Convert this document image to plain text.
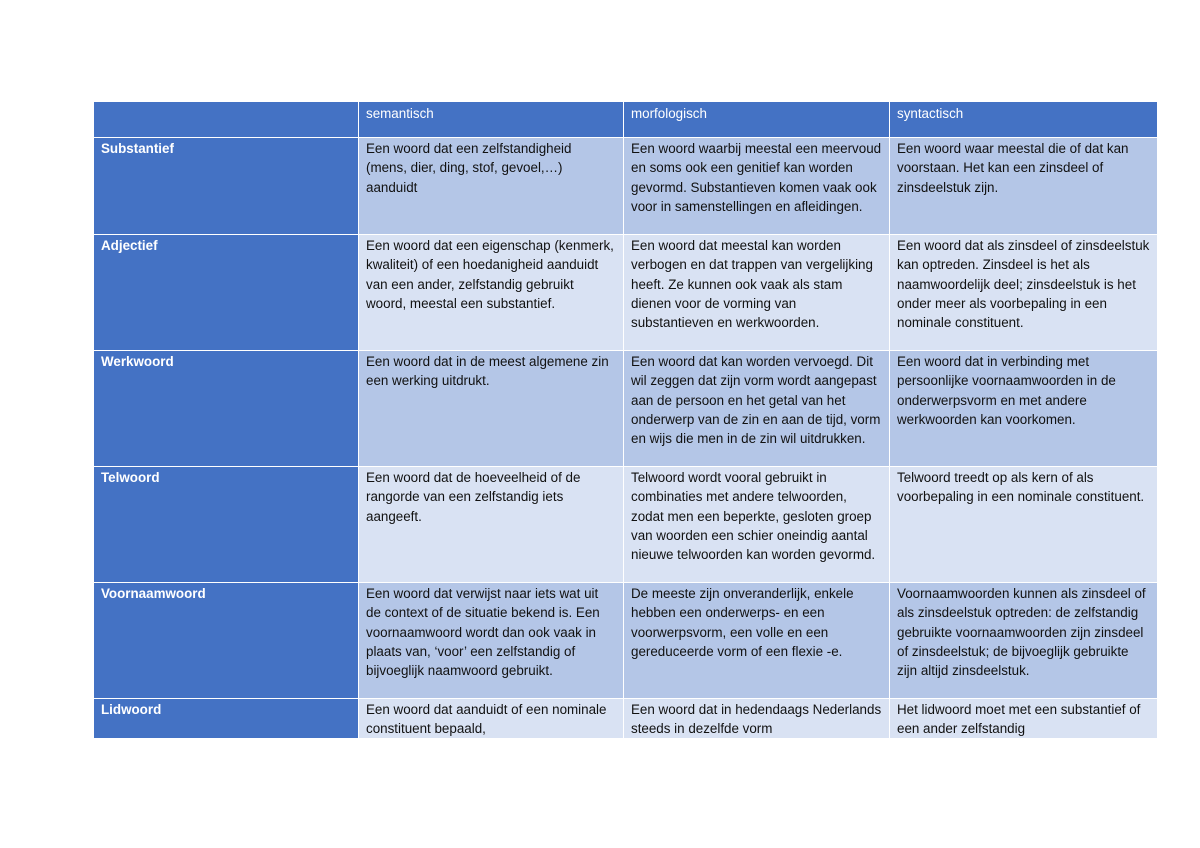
	semantisch	morfologisch	syntactisch
Substantief	Een woord dat een zelfstandigheid (mens, dier, ding, stof, gevoel,…) aanduidt	Een woord waarbij meestal een meervoud en soms ook een genitief kan worden gevormd. Substantieven komen vaak ook voor in samenstellingen en afleidingen.	Een woord waar meestal die of dat kan voorstaan. Het kan een zinsdeel of zinsdeelstuk zijn.
Adjectief	Een woord dat een eigenschap (kenmerk, kwaliteit) of een hoedanigheid aanduidt van een ander, zelfstandig gebruikt woord, meestal een substantief.	Een woord dat meestal kan worden verbogen en dat trappen van vergelijking heeft. Ze kunnen ook vaak als stam dienen voor de vorming van substantieven en werkwoorden.	Een woord dat als zinsdeel of zinsdeelstuk kan optreden. Zinsdeel is het als naamwoordelijk deel; zinsdeelstuk is het onder meer als voorbepaling in een nominale constituent.
Werkwoord	Een woord dat in de meest algemene zin een werking uitdrukt.	Een woord dat kan worden vervoegd. Dit wil zeggen dat zijn vorm wordt aangepast aan de persoon en het getal van het onderwerp van de zin en aan de tijd, vorm en wijs die men in de zin wil uitdrukken.	Een woord dat in verbinding met persoonlijke voornaamwoorden in de onderwerpsvorm en met andere werkwoorden kan voorkomen.
Telwoord	Een woord dat de hoeveelheid of de rangorde van een zelfstandig iets aangeeft.	Telwoord wordt vooral gebruikt in combinaties met andere telwoorden, zodat men een beperkte, gesloten groep van woorden een schier oneindig aantal nieuwe telwoorden kan worden gevormd.	Telwoord treedt op als kern of als voorbepaling in een nominale constituent.
Voornaamwoord	Een woord dat verwijst naar iets wat uit de context of de situatie bekend is. Een voornaamwoord wordt dan ook vaak in plaats van, ‘voor’ een zelfstandig of bijvoeglijk naamwoord gebruikt.	De meeste zijn onveranderlijk, enkele hebben een onderwerps- en een voorwerpsvorm, een volle en een gereduceerde vorm of een flexie -e.	Voornaamwoorden kunnen als zinsdeel of als zinsdeelstuk optreden: de zelfstandig gebruikte voornaamwoorden zijn zinsdeel of zinsdeelstuk; de bijvoeglijk gebruikte zijn altijd zinsdeelstuk.

Lidwoord	Een woord dat aanduidt of een nominale constituent bepaald,	Een woord dat in hedendaags Nederlands steeds in dezelfde vorm	Het lidwoord moet met een substantief of een ander zelfstandig
